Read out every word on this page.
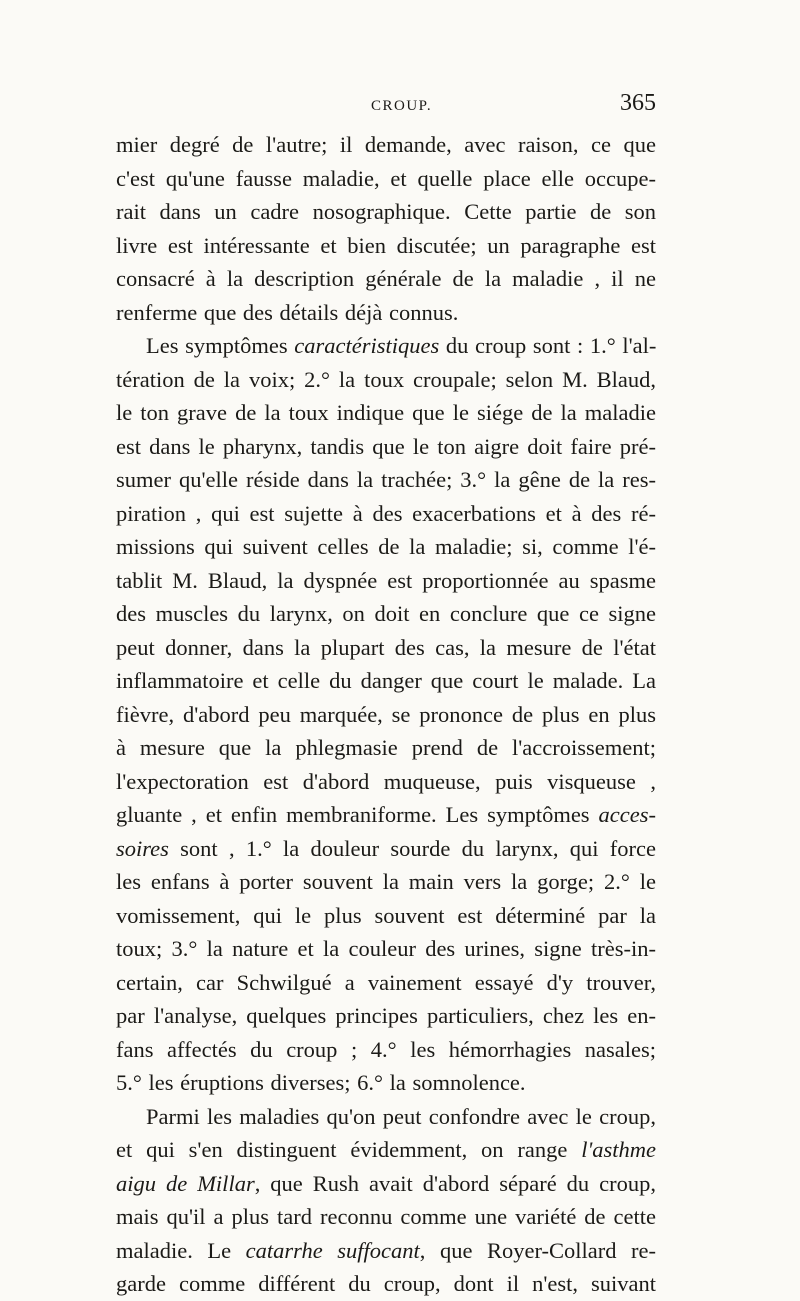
CROUP.	365
mier degré de l'autre; il demande, avec raison, ce que
c'est qu'une fausse maladie, et quelle place elle occupe-
rait dans un cadre nosographique. Cette partie de son
livre est intéressante et bien discutée; un paragraphe est
consacré à la description générale de la maladie , il ne
renferme que des détails déjà connus.
Les symptômes caractéristiques du croup sont : 1.° l'al-
tération de la voix; 2.° la toux croupale; selon M. Blaud,
le ton grave de la toux indique que le siége de la maladie
est dans le pharynx, tandis que le ton aigre doit faire pré-
sumer qu'elle réside dans la trachée; 3.° la gêne de la res-
piration , qui est sujette à des exacerbations et à des ré-
missions qui suivent celles de la maladie; si, comme l'é-
tablit M. Blaud, la dyspnée est proportionnée au spasme
des muscles du larynx, on doit en conclure que ce signe
peut donner, dans la plupart des cas, la mesure de l'état
inflammatoire et celle du danger que court le malade. La
fièvre, d'abord peu marquée, se prononce de plus en plus
à mesure que la phlegmasie prend de l'accroissement;
l'expectoration est d'abord muqueuse, puis visqueuse ,
gluante , et enfin membraniforme. Les symptômes acces-
soires sont , 1.° la douleur sourde du larynx, qui force
les enfans à porter souvent la main vers la gorge; 2.° le
vomissement, qui le plus souvent est déterminé par la
toux; 3.° la nature et la couleur des urines, signe très-in-
certain, car Schwilgué a vainement essayé d'y trouver,
par l'analyse, quelques principes particuliers, chez les en-
fans affectés du croup ; 4.° les hémorrhagies nasales;
5.° les éruptions diverses; 6.° la somnolence.
Parmi les maladies qu'on peut confondre avec le croup,
et qui s'en distinguent évidemment, on range l'asthme
aigu de Millar, que Rush avait d'abord séparé du croup,
mais qu'il a plus tard reconnu comme une variété de cette
maladie. Le catarrhe suffocant, que Royer-Collard re-
garde comme différent du croup, dont il n'est, suivant
